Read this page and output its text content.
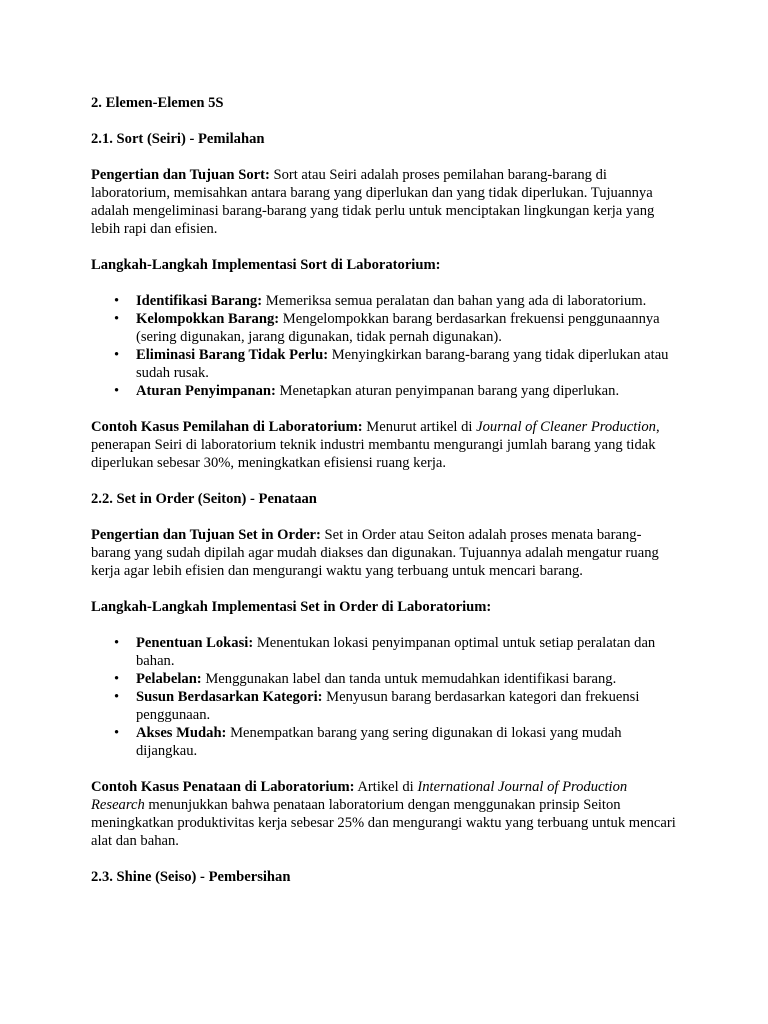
2. Elemen-Elemen 5S

2.1. Sort (Seiri) - Pemilahan

Pengertian dan Tujuan Sort: Sort atau Seiri adalah proses pemilahan barang-barang di laboratorium, memisahkan antara barang yang diperlukan dan yang tidak diperlukan. Tujuannya adalah mengeliminasi barang-barang yang tidak perlu untuk menciptakan lingkungan kerja yang lebih rapi dan efisien.

Langkah-Langkah Implementasi Sort di Laboratorium:

• Identifikasi Barang: Memeriksa semua peralatan dan bahan yang ada di laboratorium.
• Kelompokkan Barang: Mengelompokkan barang berdasarkan frekuensi penggunaannya (sering digunakan, jarang digunakan, tidak pernah digunakan).
• Eliminasi Barang Tidak Perlu: Menyingkirkan barang-barang yang tidak diperlukan atau sudah rusak.
• Aturan Penyimpanan: Menetapkan aturan penyimpanan barang yang diperlukan.

Contoh Kasus Pemilahan di Laboratorium: Menurut artikel di Journal of Cleaner Production, penerapan Seiri di laboratorium teknik industri membantu mengurangi jumlah barang yang tidak diperlukan sebesar 30%, meningkatkan efisiensi ruang kerja.

2.2. Set in Order (Seiton) - Penataan

Pengertian dan Tujuan Set in Order: Set in Order atau Seiton adalah proses menata barang-barang yang sudah dipilah agar mudah diakses dan digunakan. Tujuannya adalah mengatur ruang kerja agar lebih efisien dan mengurangi waktu yang terbuang untuk mencari barang.

Langkah-Langkah Implementasi Set in Order di Laboratorium:

• Penentuan Lokasi: Menentukan lokasi penyimpanan optimal untuk setiap peralatan dan bahan.
• Pelabelan: Menggunakan label dan tanda untuk memudahkan identifikasi barang.
• Susun Berdasarkan Kategori: Menyusun barang berdasarkan kategori dan frekuensi penggunaan.
• Akses Mudah: Menempatkan barang yang sering digunakan di lokasi yang mudah dijangkau.

Contoh Kasus Penataan di Laboratorium: Artikel di International Journal of Production Research menunjukkan bahwa penataan laboratorium dengan menggunakan prinsip Seiton meningkatkan produktivitas kerja sebesar 25% dan mengurangi waktu yang terbuang untuk mencari alat dan bahan.

2.3. Shine (Seiso) - Pembersihan
